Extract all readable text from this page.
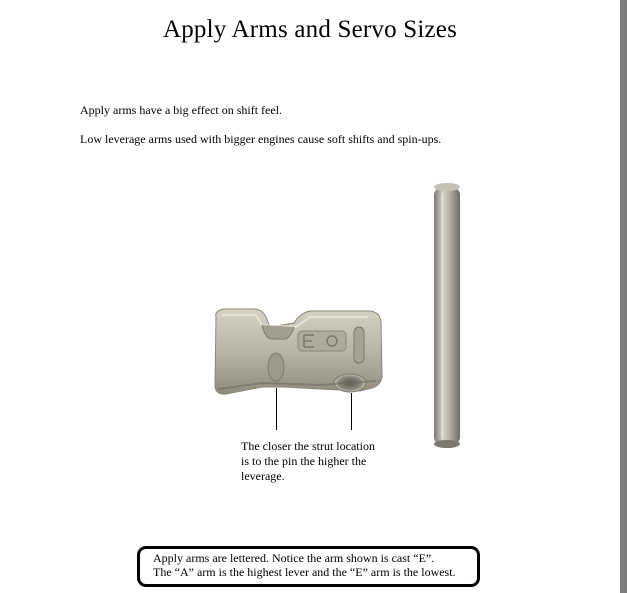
Apply Arms and Servo Sizes
Apply arms have a big effect on shift feel.
Low leverage arms used with bigger engines cause soft shifts and spin-ups.
The closer the strut location
is to the pin the higher the
leverage.
Apply arms are lettered. Notice the arm shown is cast “E”.
The “A” arm is the highest lever and the “E” arm is the lowest.
